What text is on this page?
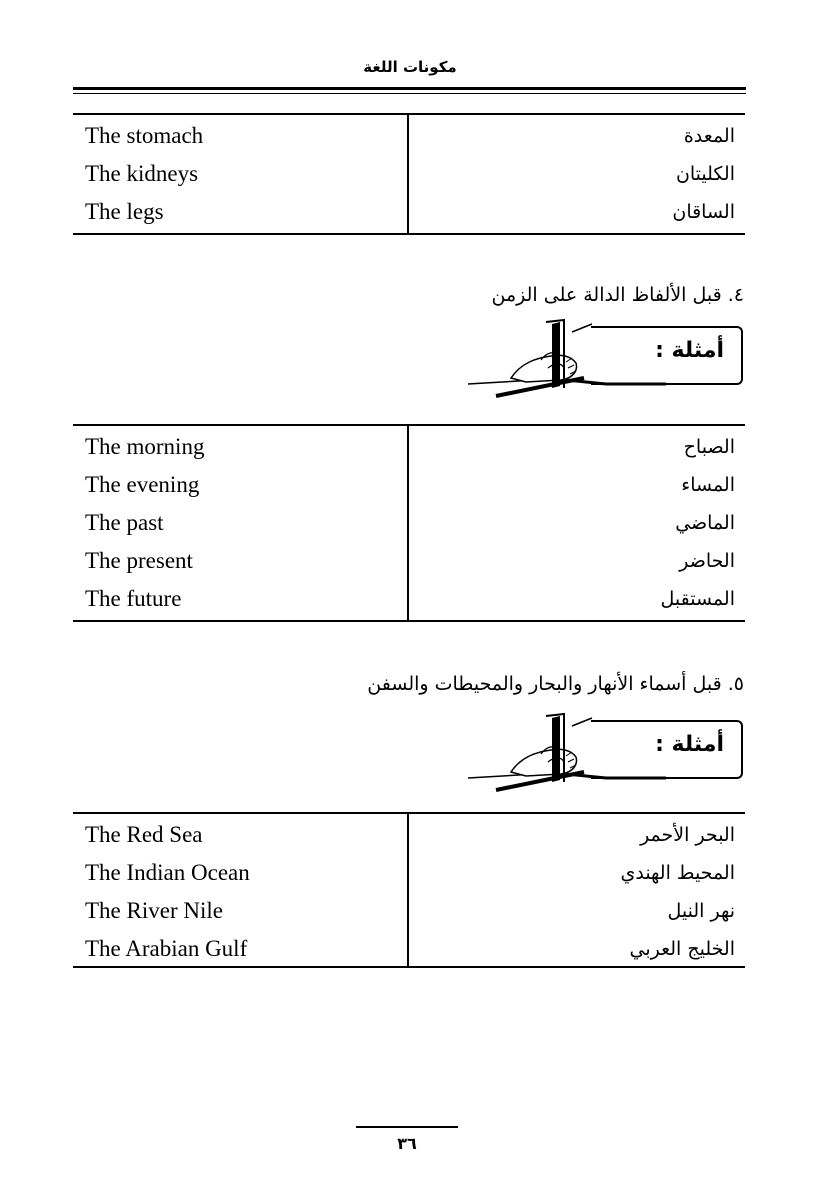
مكونات اللغة
The stomach	المعدة
The kidneys	الكليتان
The legs	الساقان
٤. قبل الألفاظ الدالة على الزمن
أمثلة :
The morning	الصباح
The evening	المساء
The past	الماضي
The present	الحاضر
The future	المستقبل
٥. قبل أسماء الأنهار والبحار والمحيطات والسفن
أمثلة :
The Red Sea	البحر الأحمر
The Indian Ocean	المحيط الهندي
The River Nile	نهر النيل
The Arabian Gulf	الخليج العربي
٣٦
